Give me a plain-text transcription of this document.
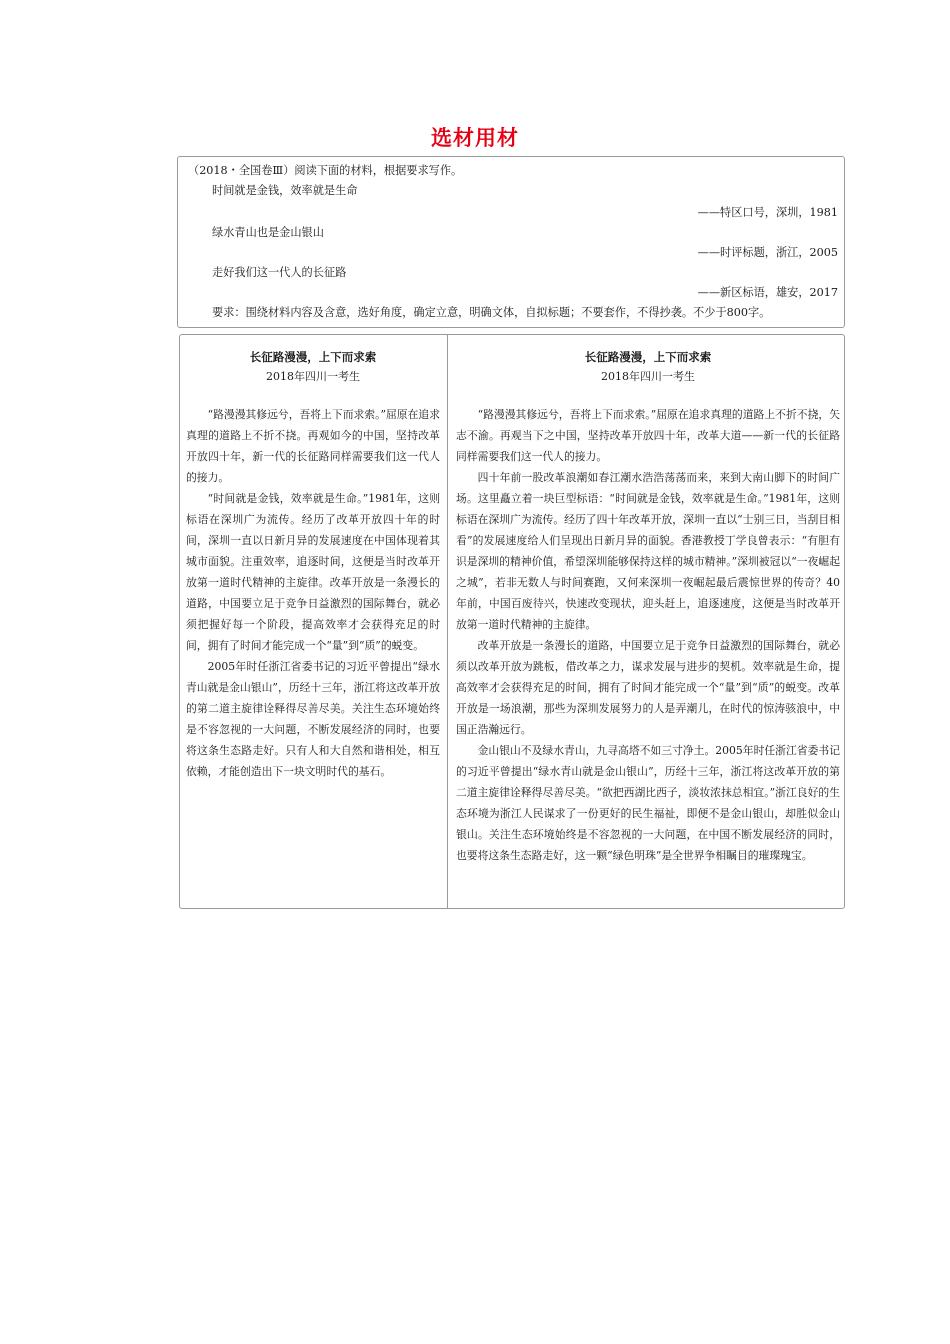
选材用材
（2018・全国卷Ⅲ）阅读下面的材料，根据要求写作。
时间就是金钱，效率就是生命
——特区口号，深圳，1981
绿水青山也是金山银山
——时评标题，浙江，2005
走好我们这一代人的长征路
——新区标语，雄安，2017
要求：围绕材料内容及含意，选好角度，确定立意，明确文体，自拟标题；不要套作，不得抄袭。不少于800字。
长征路漫漫，上下而求索
2018年四川一考生

“路漫漫其修远兮，吾将上下而求索。”屈原在追求真理的道路上不折不挠。再观如今的中国，坚持改革开放四十年，新一代的长征路同样需要我们这一代人的接力。

“时间就是金钱，效率就是生命。”1981年，这则标语在深圳广为流传。经历了改革开放四十年的时间，深圳一直以日新月异的发展速度在中国体现着其城市面貌。注重效率，追逐时间，这便是当时改革开放第一道时代精神的主旋律。改革开放是一条漫长的道路，中国要立足于竞争日益激烈的国际舞台，就必须把握好每一个阶段，提高效率才会获得充足的时间，拥有了时间才能完成一个“量”到“质”的蜕变。

2005年时任浙江省委书记的习近平曾提出“绿水青山就是金山银山”，历经十三年，浙江将这改革开放的第二道主旋律诠释得尽善尽美。关注生态环境始终是不容忽视的一大问题，不断发展经济的同时，也要将这条生态路走好。只有人和大自然和谐相处，相互依赖，才能创造出下一块文明时代的基石。

长征路漫漫，上下而求索
2018年四川一考生

“路漫漫其修远兮，吾将上下而求索。”屈原在追求真理的道路上不折不挠，矢志不渝。再观当下之中国，坚持改革开放四十年，改革大道——新一代的长征路同样需要我们这一代人的接力。

四十年前一股改革浪潮如春江潮水浩浩荡荡而来，来到大南山脚下的时间广场。这里矗立着一块巨型标语：“时间就是金钱，效率就是生命。”1981年，这则标语在深圳广为流传。经历了四十年改革开放，深圳一直以“士别三日，当刮目相看”的发展速度给人们呈现出日新月异的面貌。香港教授丁学良曾表示：“有胆有识是深圳的精神价值，希望深圳能够保持这样的城市精神。”深圳被冠以“一夜崛起之城”，若非无数人与时间赛跑，又何来深圳一夜崛起最后震惊世界的传奇？40年前，中国百废待兴，快速改变现状，迎头赶上，追逐速度，这便是当时改革开放第一道时代精神的主旋律。

改革开放是一条漫长的道路，中国要立足于竞争日益激烈的国际舞台，就必须以改革开放为跳板，借改革之力，谋求发展与进步的契机。效率就是生命，提高效率才会获得充足的时间，拥有了时间才能完成一个“量”到“质”的蜕变。改革开放是一场浪潮，那些为深圳发展努力的人是弄潮儿，在时代的惊涛骇浪中，中国正浩瀚远行。

金山银山不及绿水青山，九寻高塔不如三寸净土。2005年时任浙江省委书记的习近平曾提出“绿水青山就是金山银山”，历经十三年，浙江将这改革开放的第二道主旋律诠释得尽善尽美。“欲把西湖比西子，淡妆浓抹总相宜。”浙江良好的生态环境为浙江人民谋求了一份更好的民生福祉，即便不是金山银山，却胜似金山银山。关注生态环境始终是不容忽视的一大问题，在中国不断发展经济的同时，也要将这条生态路走好，这一颗“绿色明珠”是全世界争相瞩目的璀璨瑰宝。
